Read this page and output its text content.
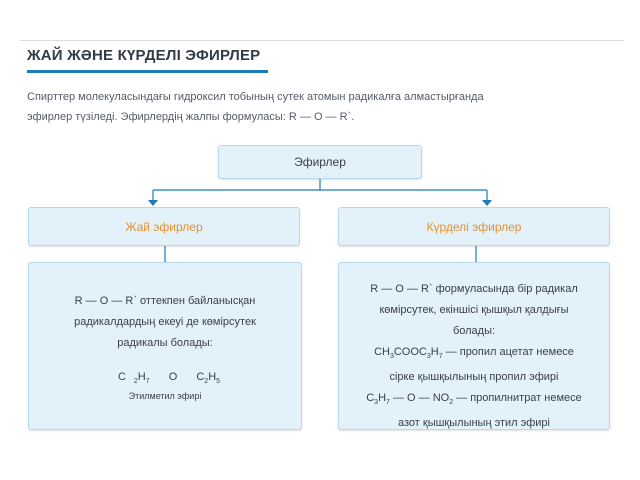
ЖАЙ ЖӘНЕ КҮРДЕЛІ ЭФИРЛЕР
Спирттер молекуласындағы гидроксил тобының сутек атомын радикалға алмастырғанда
эфирлер түзіледі. Эфирлердің жалпы формуласы: R — O — R`.
Эфирлер
Жай эфирлер	Күрделі эфирлер
R — O — R` оттекпен байланысқан
радикалдардың екеуі де көмірсутек
радикалы болады:
C $_2H_7$ O $C_2H_5$
Этилметил эфирі
R — O — R` формуласында бір радикал
көмірсутек, екіншісі қышқыл қалдығы
болады:
$CH_3COOC_3H_7$ — пропил ацетат немесе
сірке қышқылының пропил эфирі
$C_3H_7$ — O — $NO_2$ — пропилнитрат немесе
азот қышқылының этил эфирі
